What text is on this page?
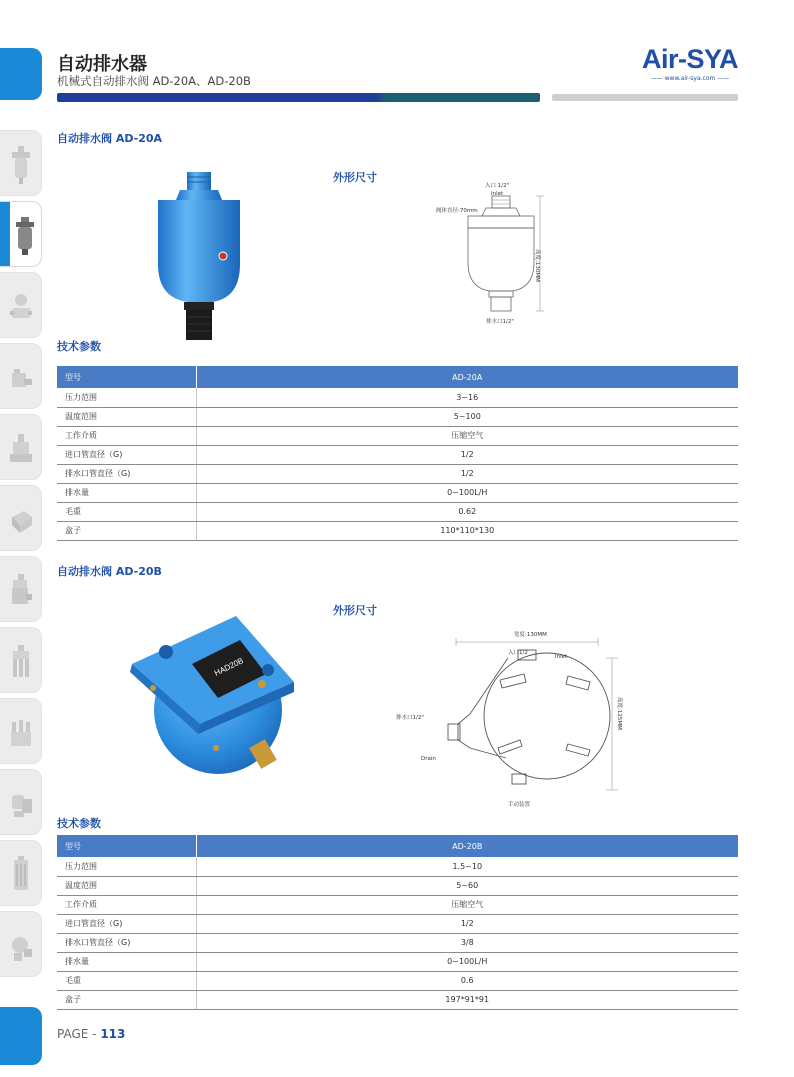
自动排水器
机械式自动排水阀 AD-20A、AD-20B
Air-SYA
—— www.air-sya.com ——
自动排水阀 AD-20A
外形尺寸
入口 1/2"
Inlet
阀体直径:70mm
高度:130MM
排水口1/2"
技术参数
型号	AD-20A
压力范围	3~16
温度范围	5~100
工作介质	压缩空气
进口管直径（G)	1/2
排水口管直径（G)	1/2
排水量	0~100L/H
毛重	0.62
盒子	110*110*130
自动排水阀 AD-20B
HAD20B
外形尺寸
宽度:130MM
入口1/2
Inlet
排水口1/2"
Drain
高度:125MM
手动装置
技术参数
型号	AD-20B
压力范围	1.5~10
温度范围	5~60
工作介质	压缩空气
进口管直径（G)	1/2
排水口管直径（G)	3/8
排水量	0~100L/H
毛重	0.6
盒子	197*91*91
PAGE - 113
